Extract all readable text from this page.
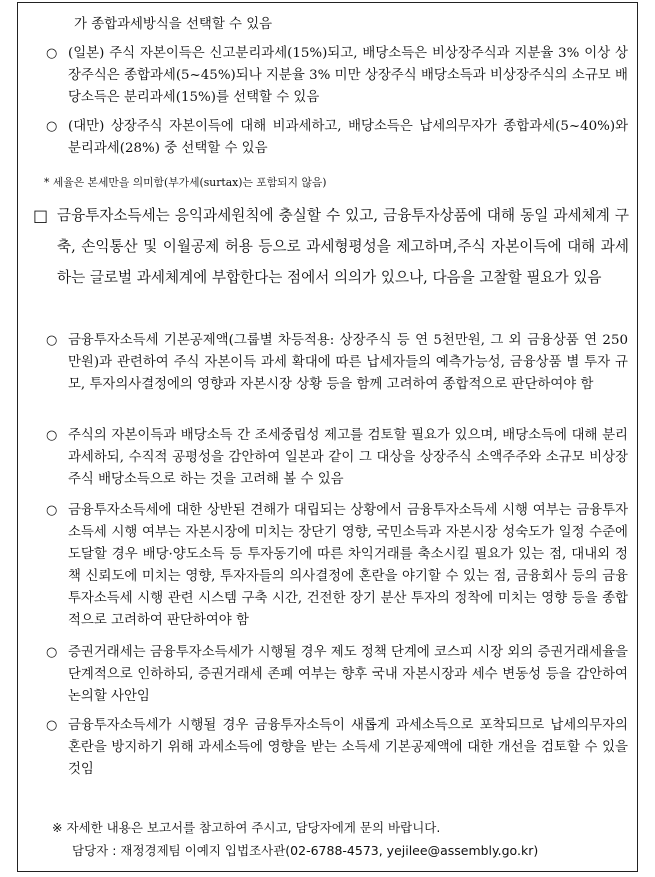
가 종합과세방식을 선택할 수 있음
○ (일본) 주식 자본이득은 신고분리과세(15%)되고, 배당소득은 비상장주식과 지분율 3% 이상 상장주식은 종합과세(5~45%)되나 지분율 3% 미만 상장주식 배당소득과 비상장주식의 소규모 배당소득은 분리과세(15%)를 선택할 수 있음
○ (대만) 상장주식 자본이득에 대해 비과세하고, 배당소득은 납세의무자가 종합과세(5~40%)와 분리과세(28%) 중 선택할 수 있음
* 세율은 본세만을 의미함(부가세(surtax)는 포함되지 않음)
□ 금융투자소득세는 응익과세원칙에 충실할 수 있고, 금융투자상품에 대해 동일 과세체계 구축, 손익통산 및 이월공제 허용 등으로 과세형평성을 제고하며,주식 자본이득에 대해 과세하는 글로벌 과세체계에 부합한다는 점에서 의의가 있으나, 다음을 고찰할 필요가 있음
○ 금융투자소득세 기본공제액(그룹별 차등적용: 상장주식 등 연 5천만원, 그 외 금융상품 연 250만원)과 관련하여 주식 자본이득 과세 확대에 따른 납세자들의 예측가능성, 금융상품 별 투자 규모, 투자의사결정에의 영향과 자본시장 상황 등을 함께 고려하여 종합적으로 판단하여야 함
○ 주식의 자본이득과 배당소득 간 조세중립성 제고를 검토할 필요가 있으며, 배당소득에 대해 분리과세하되, 수직적 공평성을 감안하여 일본과 같이 그 대상을 상장주식 소액주주와 소규모 비상장주식 배당소득으로 하는 것을 고려해 볼 수 있음
○ 금융투자소득세에 대한 상반된 견해가 대립되는 상황에서 금융투자소득세 시행 여부는 금융투자소득세 시행 여부는 자본시장에 미치는 장단기 영향, 국민소득과 자본시장 성숙도가 일정 수준에 도달할 경우 배당·양도소득 등 투자동기에 따른 차익거래를 축소시킬 필요가 있는 점, 대내외 정책 신뢰도에 미치는 영향, 투자자들의 의사결정에 혼란을 야기할 수 있는 점, 금융회사 등의 금융투자소득세 시행 관련 시스템 구축 시간, 건전한 장기 분산 투자의 정착에 미치는 영향 등을 종합적으로 고려하여 판단하여야 함
○ 증권거래세는 금융투자소득세가 시행될 경우 제도 정책 단계에 코스피 시장 외의 증권거래세율을 단계적으로 인하하되, 증권거래세 존폐 여부는 향후 국내 자본시장과 세수 변동성 등을 감안하여 논의할 사안임
○ 금융투자소득세가 시행될 경우 금융투자소득이 새롭게 과세소득으로 포착되므로 납세의무자의 혼란을 방지하기 위해 과세소득에 영향을 받는 소득세 기본공제액에 대한 개선을 검토할 수 있을 것임
※ 자세한 내용은 보고서를 참고하여 주시고, 담당자에게 문의 바랍니다.
담당자 : 재정경제팀 이예지 입법조사관(02-6788-4573, yejilee@assembly.go.kr)
